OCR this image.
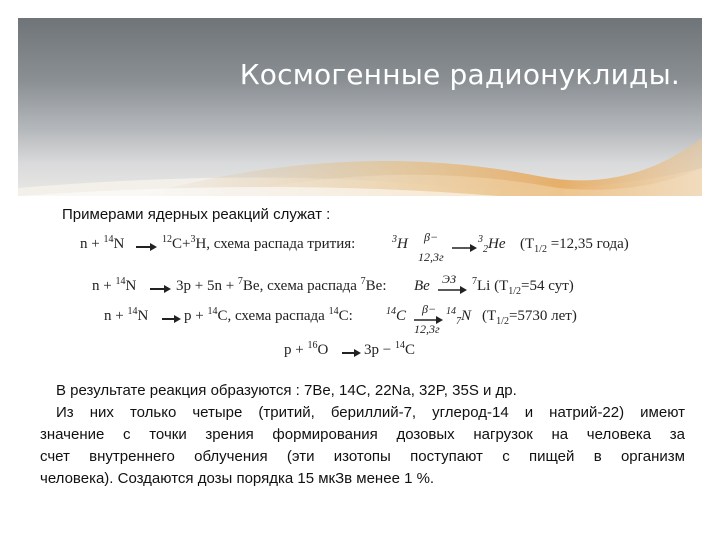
Космогенные радионуклиды.
Примерами ядерных реакций служат :
n + $^{14}$N	$^{12}$C+$^3$H, схема распада трития:	$^3$H β−
12,3г
$^3_2$He ($T_{1/2} =12,35$ года)
n + $^{14}$N	3p + 5n + $^7$Be, схема распада $^7$Be: Be ЭЗ $^7$Li ($T_{1/2}=54$ сут)
n + $^{14}$N p + $^{14}$C, схема распада $^{14}$C:	$^{14}$C β−
12,3г
$^{14}_7$N ($T_{1/2}=5730$ лет)
p + $^{16}$O 3p − $^{14}$C
В результате реакция образуются : 7Be, 14C, 22Na, 32P, 35S и др.
Из них только четыре (тритий, бериллий-7, углерод-14 и натрий-22) имеют
значение с точки зрения формирования дозовых нагрузок на человека за
счет внутреннего облучения (эти изотопы поступают с пищей в организм
человека). Создаются дозы порядка 15 мкЗв менее 1 %.
